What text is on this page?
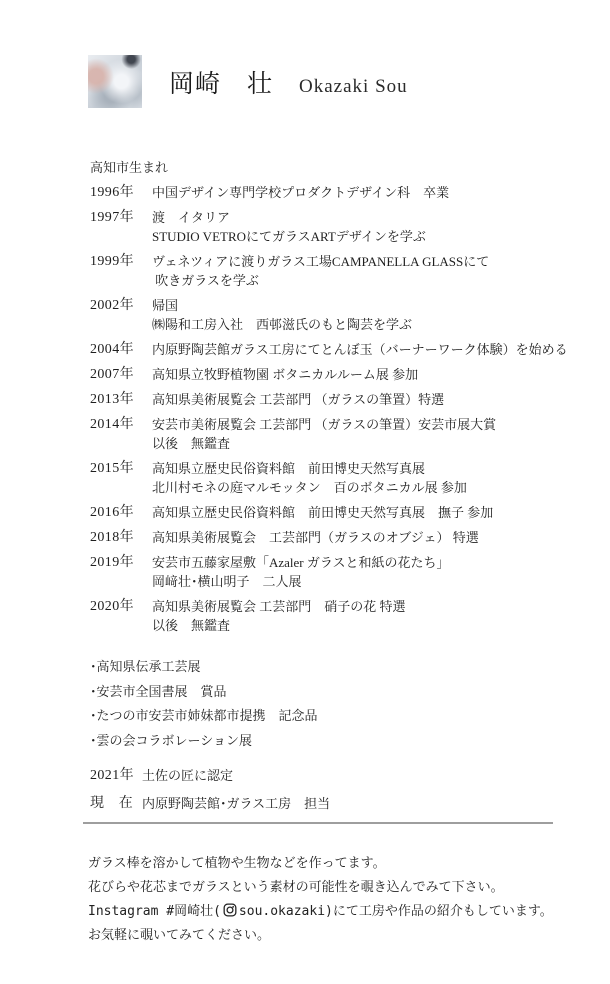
岡崎　壮 Okazaki Sou
高知市生まれ
1996年	中国デザイン専門学校プロダクトデザイン科　卒業
1997年	渡　イタリア
STUDIO VETROにてガラスARTデザインを学ぶ
1999年	ヴェネツィアに渡りガラス工場CAMPANELLA GLASSにて
吹きガラスを学ぶ
2002年	帰国
㈱陽和工房入社　西邨滋氏のもと陶芸を学ぶ
2004年	内原野陶芸館ガラス工房にてとんぼ玉（バーナーワーク体験）を始める
2007年	高知県立牧野植物園 ボタニカルルーム展 参加
2013年	高知県美術展覧会 工芸部門 （ガラスの筆置）特選
2014年	安芸市美術展覧会 工芸部門 （ガラスの筆置）安芸市展大賞
以後　無鑑査
2015年	高知県立歴史民俗資料館　前田博史天然写真展
北川村モネの庭マルモッタン　百のボタニカル展 参加
2016年	高知県立歴史民俗資料館　前田博史天然写真展　撫子 参加
2018年	高知県美術展覧会　工芸部門（ガラスのオブジェ） 特選
2019年	安芸市五藤家屋敷「Azaler ガラスと和紙の花たち」
岡﨑壮･横山明子　二人展
2020年	高知県美術展覧会 工芸部門　硝子の花 特選
以後　無鑑査
･高知県伝承工芸展
･安芸市全国書展　賞品
･たつの市安芸市姉妹都市提携　記念品
･雲の会コラボレーション展
2021年 土佐の匠に認定
現　在 内原野陶芸館･ガラス工房　担当
ガラス棒を溶かして植物や生物などを作ってます。
花びらや花芯までガラスという素材の可能性を覗き込んでみて下さい。
Instagram #岡崎壮( sou.okazaki)にて工房や作品の紹介もしています。
お気軽に覗いてみてください。
